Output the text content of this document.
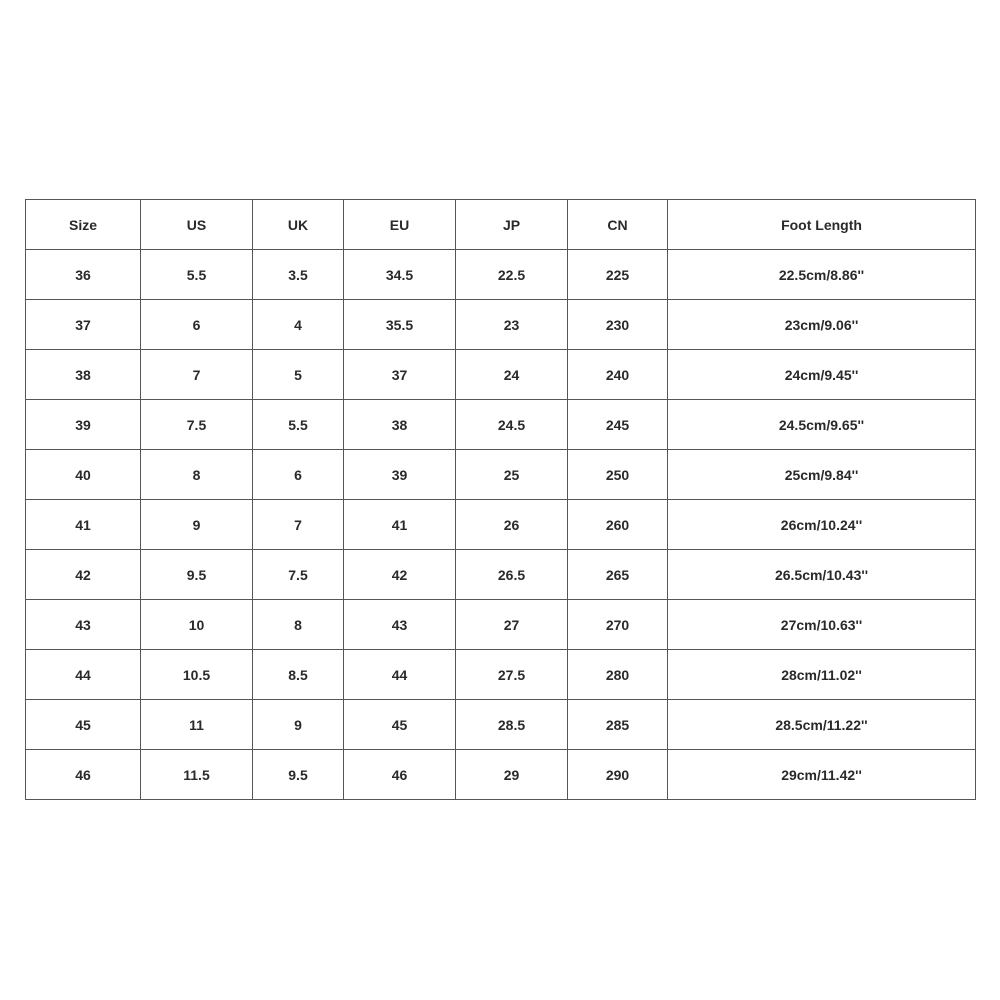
Size	US	UK	EU	JP	CN	Foot Length
36	5.5	3.5	34.5	22.5	225	22.5cm/8.86''
37	6	4	35.5	23	230	23cm/9.06''
38	7	5	37	24	240	24cm/9.45''
39	7.5	5.5	38	24.5	245	24.5cm/9.65''
40	8	6	39	25	250	25cm/9.84''
41	9	7	41	26	260	26cm/10.24''
42	9.5	7.5	42	26.5	265	26.5cm/10.43''
43	10	8	43	27	270	27cm/10.63''
44	10.5	8.5	44	27.5	280	28cm/11.02''
45	11	9	45	28.5	285	28.5cm/11.22''
46	11.5	9.5	46	29	290	29cm/11.42''
